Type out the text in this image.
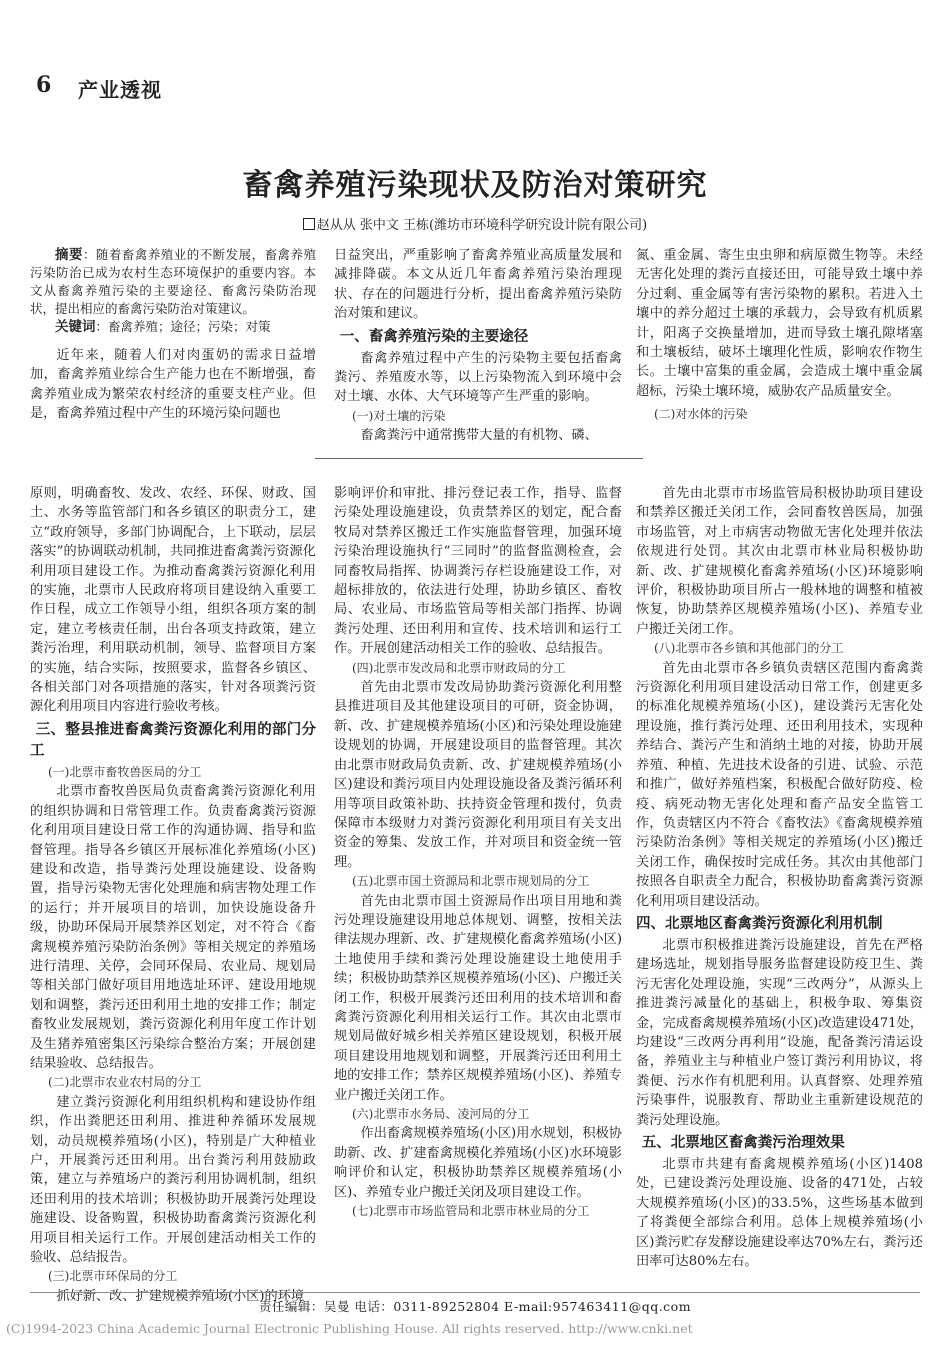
6 产业透视
畜禽养殖污染现状及防治对策研究
赵从从 张中文 王栋(潍坊市环境科学研究设计院有限公司)

摘要：随着畜禽养殖业的不断发展，畜禽养殖污染防治已成为农村生态环境保护的重要内容。本文从畜禽养殖污染的主要途径、畜禽污染防治现状，提出相应的畜禽污染防治对策建议。

关键词：畜禽养殖；途径；污染；对策

近年来，随着人们对肉蛋奶的需求日益增加，畜禽养殖业综合生产能力也在不断增强，畜禽养殖业成为繁荣农村经济的重要支柱产业。但是，畜禽养殖过程中产生的环境污染问题也

日益突出，严重影响了畜禽养殖业高质量发展和减排降碳。本文从近几年畜禽养殖污染治理现状、存在的问题进行分析，提出畜禽养殖污染防治对策和建议。

一、畜禽养殖污染的主要途径

畜禽养殖过程中产生的污染物主要包括畜禽粪污、养殖废水等，以上污染物流入到环境中会对土壤、水体、大气环境等产生严重的影响。

(一)对土壤的污染

畜禽粪污中通常携带大量的有机物、磷、

氮、重金属、寄生虫虫卵和病原微生物等。未经无害化处理的粪污直接还田，可能导致土壤中养分过剩、重金属等有害污染物的累积。若进入土壤中的养分超过土壤的承载力，会导致有机质累计，阳离子交换量增加，进而导致土壤孔隙堵塞和土壤板结，破坏土壤理化性质，影响农作物生长。土壤中富集的重金属，会造成土壤中重金属超标，污染土壤环境，威胁农产品质量安全。

(二)对水体的污染

原则，明确畜牧、发改、农经、环保、财政、国土、水务等监管部门和各乡镇区的职责分工，建立“政府领导，多部门协调配合，上下联动，层层落实”的协调联动机制，共同推进畜禽粪污资源化利用项目建设工作。为推动畜禽粪污资源化利用的实施，北票市人民政府将项目建设纳入重要工作日程，成立工作领导小组，组织各项方案的制定，建立考核责任制，出台各项支持政策，建立粪污治理，利用联动机制，领导、监督项目方案的实施，结合实际，按照要求，监督各乡镇区、各相关部门对各项措施的落实，针对各项粪污资源化利用项目内容进行验收考核。

三、整县推进畜禽粪污资源化利用的部门分工

(一)北票市畜牧兽医局的分工

北票市畜牧兽医局负责畜禽粪污资源化利用的组织协调和日常管理工作。负责畜禽粪污资源化利用项目建设日常工作的沟通协调、指导和监督管理。指导各乡镇区开展标准化养殖场(小区)建设和改造，指导粪污处理设施建设、设备购置，指导污染物无害化处理施和病害物处理工作的运行；并开展项目的培训，加快设施设备升级，协助环保局开展禁养区划定，对不符合《畜禽规模养殖污染防治条例》等相关规定的养殖场进行清理、关停，会同环保局、农业局、规划局等相关部门做好项目用地选址环评、建设用地规划和调整，粪污还田利用土地的安排工作；制定畜牧业发展规划，粪污资源化利用年度工作计划及生猪养殖密集区污染综合整治方案；开展创建结果验收、总结报告。

(二)北票市农业农村局的分工

建立粪污资源化利用组织机构和建设协作组织，作出粪肥还田利用、推进种养循环发展规划，动员规模养殖场(小区)，特别是广大种植业户，开展粪污还田利用。出台粪污利用鼓励政策，建立与养殖场户的粪污利用协调机制，组织还田利用的技术培训；积极协助开展粪污处理设施建设、设备购置，积极协助畜禽粪污资源化利用项目相关运行工作。开展创建活动相关工作的验收、总结报告。

(三)北票市环保局的分工

抓好新、改、扩建规模养殖场(小区)的环境

影响评价和审批、排污登记表工作，指导、监督污染处理设施建设，负责禁养区的划定，配合畜牧局对禁养区搬迁工作实施监督管理，加强环境污染治理设施执行“三同时”的监督监测检查，会同畜牧局指挥、协调粪污存栏设施建设工作，对超标排放的，依法进行处理，协助乡镇区、畜牧局、农业局、市场监管局等相关部门指挥、协调粪污处理、还田利用和宣传、技术培训和运行工作。开展创建活动相关工作的验收、总结报告。

(四)北票市发改局和北票市财政局的分工

首先由北票市发改局协助粪污资源化利用整县推进项目及其他建设项目的可研，资金协调，新、改、扩建规模养殖场(小区)和污染处理设施建设规划的协调，开展建设项目的监督管理。其次由北票市财政局负责新、改、扩建规模养殖场(小区)建设和粪污项目内处理设施设备及粪污循环利用等项目政策补助、扶持资金管理和拨付，负责保障市本级财力对粪污资源化利用项目有关支出资金的筹集、发放工作，并对项目和资金统一管理。

(五)北票市国土资源局和北票市规划局的分工

首先由北票市国土资源局作出项目用地和粪污处理设施建设用地总体规划、调整，按相关法律法规办理新、改、扩建规模化畜禽养殖场(小区)土地使用手续和粪污处理设施建设土地使用手续；积极协助禁养区规模养殖场(小区)、户搬迁关闭工作，积极开展粪污还田利用的技术培训和畜禽粪污资源化利用相关运行工作。其次由北票市规划局做好城乡相关养殖区建设规划，积极开展项目建设用地规划和调整，开展粪污还田利用土地的安排工作；禁养区规模养殖场(小区)、养殖专业户搬迁关闭工作。

(六)北票市水务局、凌河局的分工

作出畜禽规模养殖场(小区)用水规划，积极协助新、改、扩建畜禽规模化养殖场(小区)水环境影响评价和认定，积极协助禁养区规模养殖场(小区)、养殖专业户搬迁关闭及项目建设工作。

(七)北票市市场监管局和北票市林业局的分工

首先由北票市市场监管局积极协助项目建设和禁养区搬迁关闭工作，会同畜牧兽医局，加强市场监管，对上市病害动物做无害化处理并依法依规进行处罚。其次由北票市林业局积极协助新、改、扩建规模化畜禽养殖场(小区)环境影响评价，积极协助项目所占一般林地的调整和植被恢复，协助禁养区规模养殖场(小区)、养殖专业户搬迁关闭工作。

(八)北票市各乡镇和其他部门的分工

首先由北票市各乡镇负责辖区范围内畜禽粪污资源化利用项目建设活动日常工作，创建更多的标准化规模养殖场(小区)，建设粪污无害化处理设施，推行粪污处理、还田利用技术，实现种养结合、粪污产生和消纳土地的对接，协助开展养殖、种植、先进技术设备的引进、试验、示范和推广，做好养殖档案，积极配合做好防疫、检疫、病死动物无害化处理和畜产品安全监管工作，负责辖区内不符合《畜牧法》《畜禽规模养殖污染防治条例》等相关规定的养殖场(小区)搬迁关闭工作，确保按时完成任务。其次由其他部门按照各自职责全力配合，积极协助畜禽粪污资源化利用项目建设活动。

四、北票地区畜禽粪污资源化利用机制

北票市积极推进粪污设施建设，首先在严格建场选址，规划指导服务监督建设防疫卫生、粪污无害化处理设施，实现“三改两分”，从源头上推进粪污减量化的基础上，积极争取、筹集资金，完成畜禽规模养殖场(小区)改造建设471处，均建设“三改两分再利用”设施，配备粪污清运设备，养殖业主与种植业户签订粪污利用协议，将粪便、污水作有机肥利用。认真督察、处理养殖污染事件，说服教育、帮助业主重新建设规范的粪污处理设施。

五、北票地区畜禽粪污治理效果

北票市共建有畜禽规模养殖场(小区)1408处，已建设粪污处理设施、设备的471处，占较大规模养殖场(小区)的33.5%，这些场基本做到了将粪便全部综合利用。总体上规模养殖场(小区)粪污贮存发酵设施建设率达70%左右，粪污还田率可达80%左右。

责任编辑：吴曼 电话：0311-89252804 E-mail:957463411@qq.com
(C)1994-2023 China Academic Journal Electronic Publishing House. All rights reserved. http://www.cnki.net
